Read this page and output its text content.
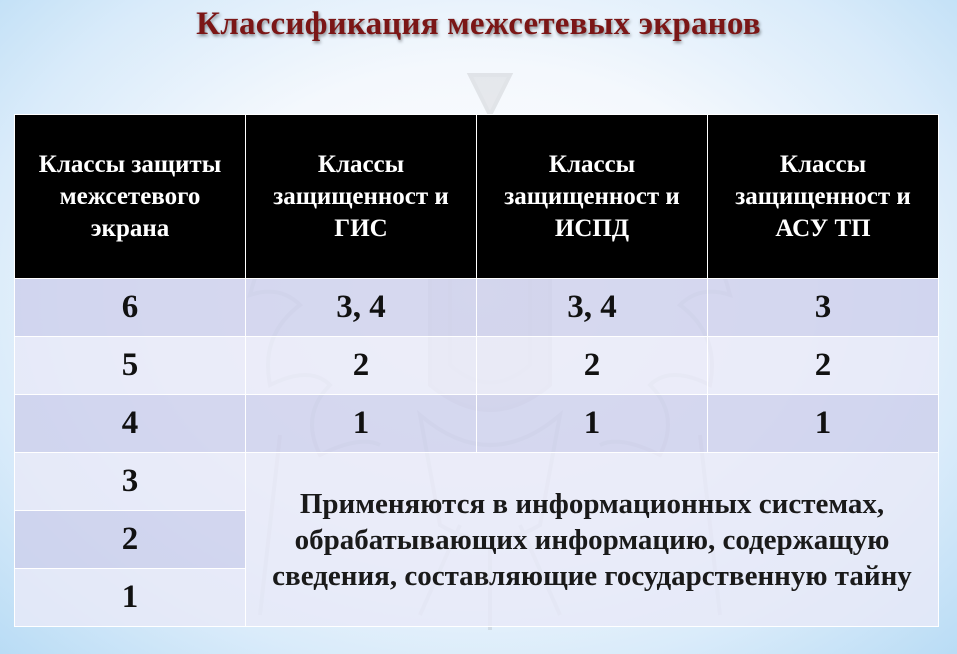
Классификация межсетевых экранов
Классы защиты межсетевого экрана	Классы защищенност и ГИС	Классы защищенност и ИСПД	Классы защищенност и АСУ ТП
6	3, 4	3, 4	3
5	2	2	2
4	1	1	1
3	Применяются в информационных системах, обрабатывающих информацию, содержащую сведения, составляющие государственную тайну		
2			
1			
